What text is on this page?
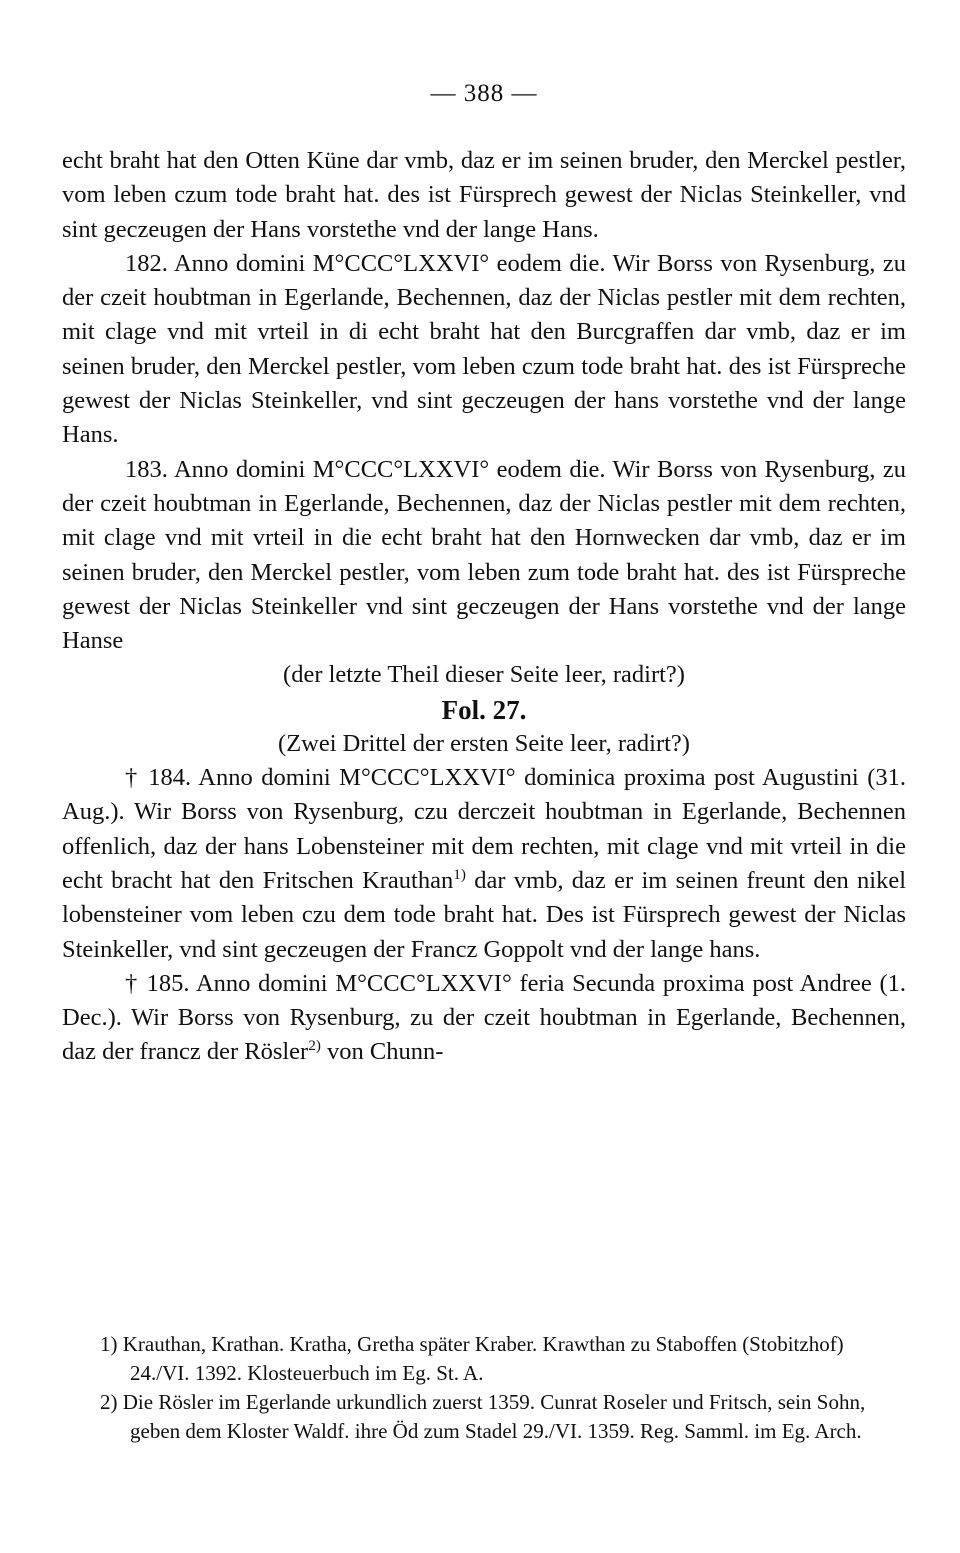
— 388 —

echt braht hat den Otten Küne dar vmb, daz er im seinen bruder, den Merckel pestler, vom leben czum tode braht hat. des ist Fürsprech gewest der Niclas Steinkeller, vnd sint geczeugen der Hans vorstethe vnd der lange Hans.

182. Anno domini M°CCC°LXXVI° eodem die. Wir Borss von Rysenburg, zu der czeit houbtman in Egerlande, Bechennen, daz der Niclas pestler mit dem rechten, mit clage vnd mit vrteil in di echt braht hat den Burcgraffen dar vmb, daz er im seinen bruder, den Merckel pestler, vom leben czum tode braht hat. des ist Fürspreche gewest der Niclas Steinkeller, vnd sint geczeugen der hans vorstethe vnd der lange Hans.

183. Anno domini M°CCC°LXXVI° eodem die. Wir Borss von Rysenburg, zu der czeit houbtman in Egerlande, Bechennen, daz der Niclas pestler mit dem rechten, mit clage vnd mit vrteil in die echt braht hat den Hornwecken dar vmb, daz er im seinen bruder, den Merckel pestler, vom leben zum tode braht hat. des ist Fürspreche gewest der Niclas Steinkeller vnd sint geczeugen der Hans vorstethe vnd der lange Hanse

(der letzte Theil dieser Seite leer, radirt?)

Fol. 27.

(Zwei Drittel der ersten Seite leer, radirt?)

† 184. Anno domini M°CCC°LXXVI° dominica proxima post Augustini (31. Aug.). Wir Borss von Rysenburg, czu derczeit houbtman in Egerlande, Bechennen offenlich, daz der hans Lobensteiner mit dem rechten, mit clage vnd mit vrteil in die echt bracht hat den Fritschen Krauthan$^{1)}$ dar vmb, daz er im seinen freunt den nikel lobensteiner vom leben czu dem tode braht hat. Des ist Fürsprech gewest der Niclas Steinkeller, vnd sint geczeugen der Francz Goppolt vnd der lange hans.

† 185. Anno domini M°CCC°LXXVI° feria Secunda proxima post Andree (1. Dec.). Wir Borss von Rysenburg, zu der czeit houbtman in Egerlande, Bechennen, daz der francz der Rösler$^{2)}$ von Chunn-

1) Krauthan, Krathan. Kratha, Gretha später Kraber. Krawthan zu Staboffen (Stobitzhof) 24./VI. 1392. Klosteuerbuch im Eg. St. A.

2) Die Rösler im Egerlande urkundlich zuerst 1359. Cunrat Roseler und Fritsch, sein Sohn, geben dem Kloster Waldf. ihre Öd zum Stadel 29./VI. 1359. Reg. Samml. im Eg. Arch.
